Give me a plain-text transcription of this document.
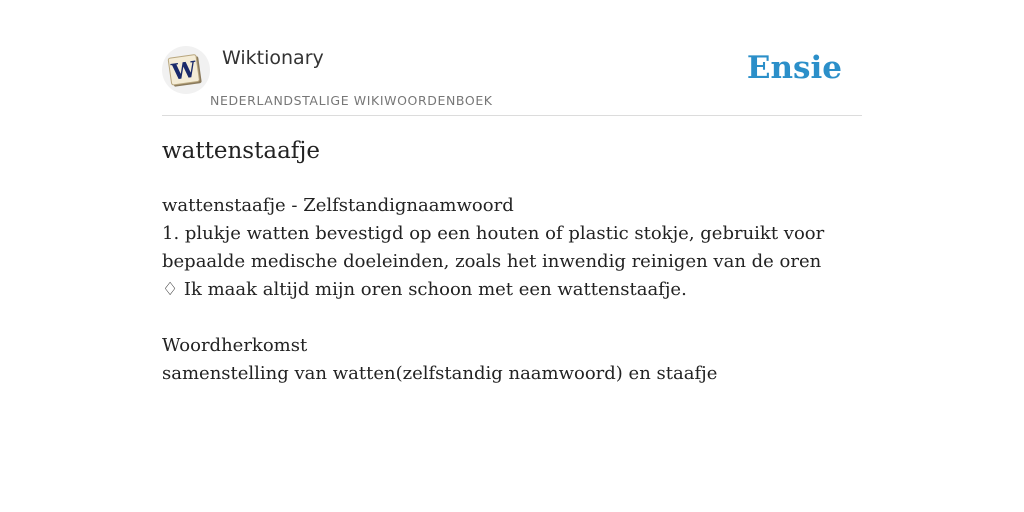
W Wiktionary
NEDERLANDSTALIGE WIKIWOORDENBOEK
Ensie
wattenstaafje
wattenstaafje - Zelfstandignaamwoord
1. plukje watten bevestigd op een houten of plastic stokje, gebruikt voor
bepaalde medische doeleinden, zoals het inwendig reinigen van de oren
♢ Ik maak altijd mijn oren schoon met een wattenstaafje.
Woordherkomst
samenstelling van watten(zelfstandig naamwoord) en staafje
